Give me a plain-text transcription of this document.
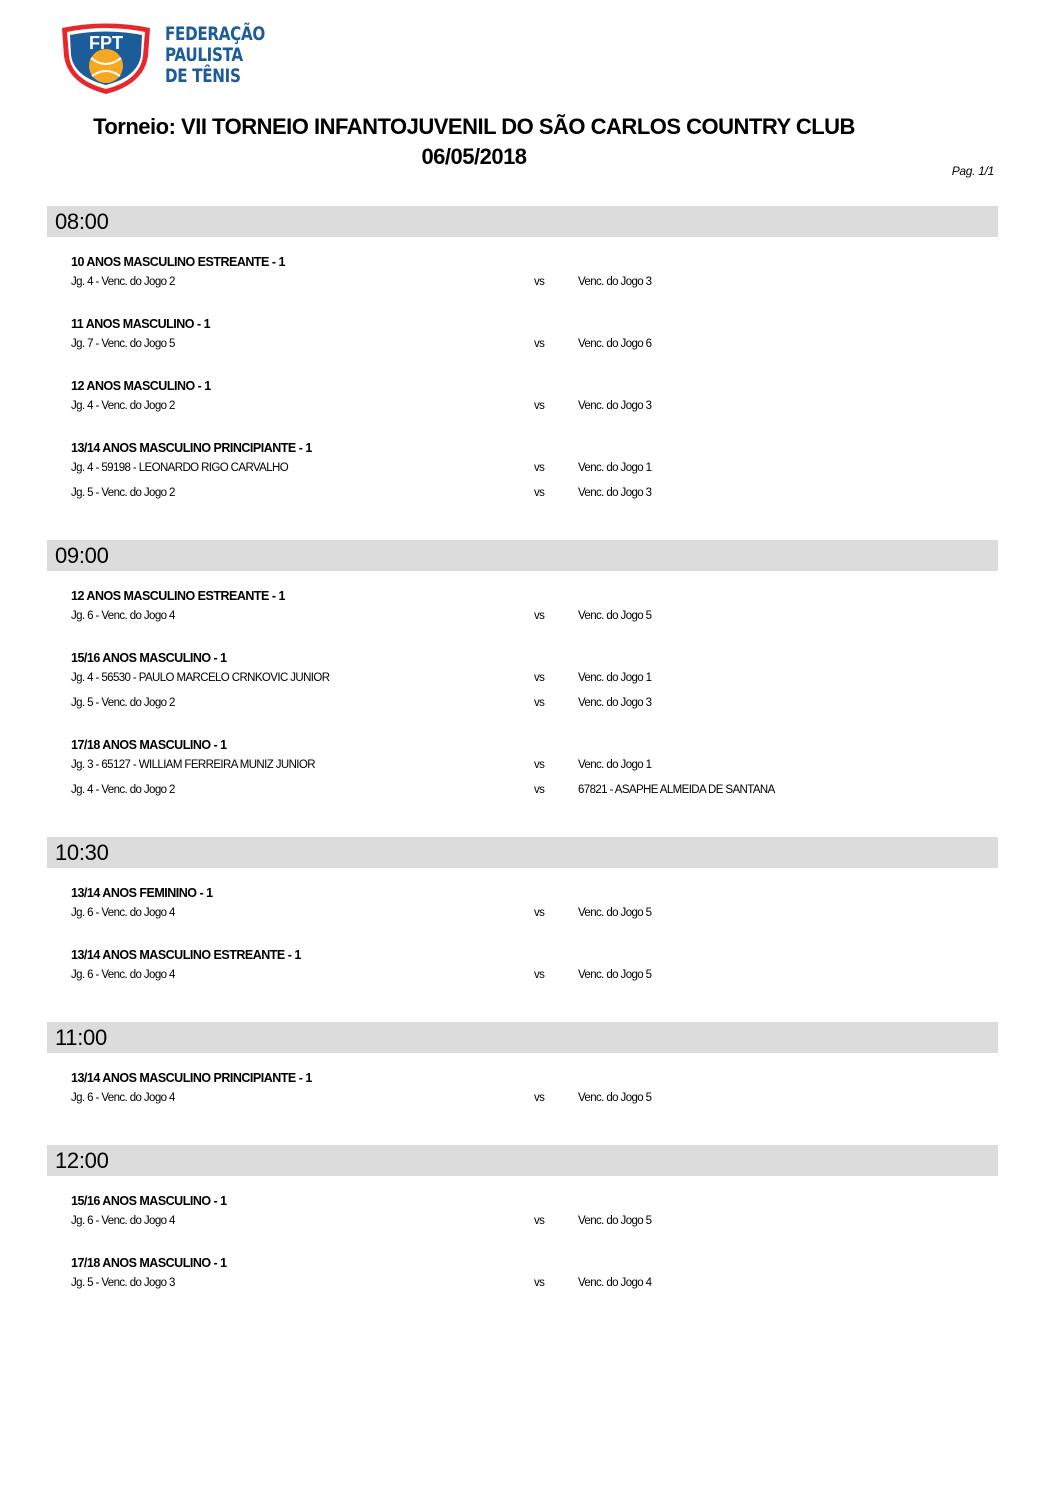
FPT FEDERAÇÃO
PAULISTA
DE TÊNIS
Torneio: VII TORNEIO INFANTOJUVENIL DO SÃO CARLOS COUNTRY CLUB
06/05/2018
Pag. 1/1
08:00
10 ANOS MASCULINO ESTREANTE - 1
Jg. 4 - Venc. do Jogo 2	vs	Venc. do Jogo 3
11 ANOS MASCULINO - 1
Jg. 7 - Venc. do Jogo 5	vs	Venc. do Jogo 6
12 ANOS MASCULINO - 1
Jg. 4 - Venc. do Jogo 2	vs	Venc. do Jogo 3
13/14 ANOS MASCULINO PRINCIPIANTE - 1
Jg. 4 - 59198 - LEONARDO RIGO CARVALHO	vs	Venc. do Jogo 1
Jg. 5 - Venc. do Jogo 2	vs	Venc. do Jogo 3
09:00
12 ANOS MASCULINO ESTREANTE - 1
Jg. 6 - Venc. do Jogo 4	vs	Venc. do Jogo 5
15/16 ANOS MASCULINO - 1
Jg. 4 - 56530 - PAULO MARCELO CRNKOVIC JUNIOR	vs	Venc. do Jogo 1
Jg. 5 - Venc. do Jogo 2	vs	Venc. do Jogo 3
17/18 ANOS MASCULINO - 1
Jg. 3 - 65127 - WILLIAM FERREIRA MUNIZ JUNIOR	vs	Venc. do Jogo 1
Jg. 4 - Venc. do Jogo 2	vs	67821 - ASAPHE ALMEIDA DE SANTANA
10:30
13/14 ANOS FEMININO - 1
Jg. 6 - Venc. do Jogo 4	vs	Venc. do Jogo 5
13/14 ANOS MASCULINO ESTREANTE - 1
Jg. 6 - Venc. do Jogo 4	vs	Venc. do Jogo 5
11:00
13/14 ANOS MASCULINO PRINCIPIANTE - 1
Jg. 6 - Venc. do Jogo 4	vs	Venc. do Jogo 5
12:00
15/16 ANOS MASCULINO - 1
Jg. 6 - Venc. do Jogo 4	vs	Venc. do Jogo 5
17/18 ANOS MASCULINO - 1
Jg. 5 - Venc. do Jogo 3	vs	Venc. do Jogo 4
